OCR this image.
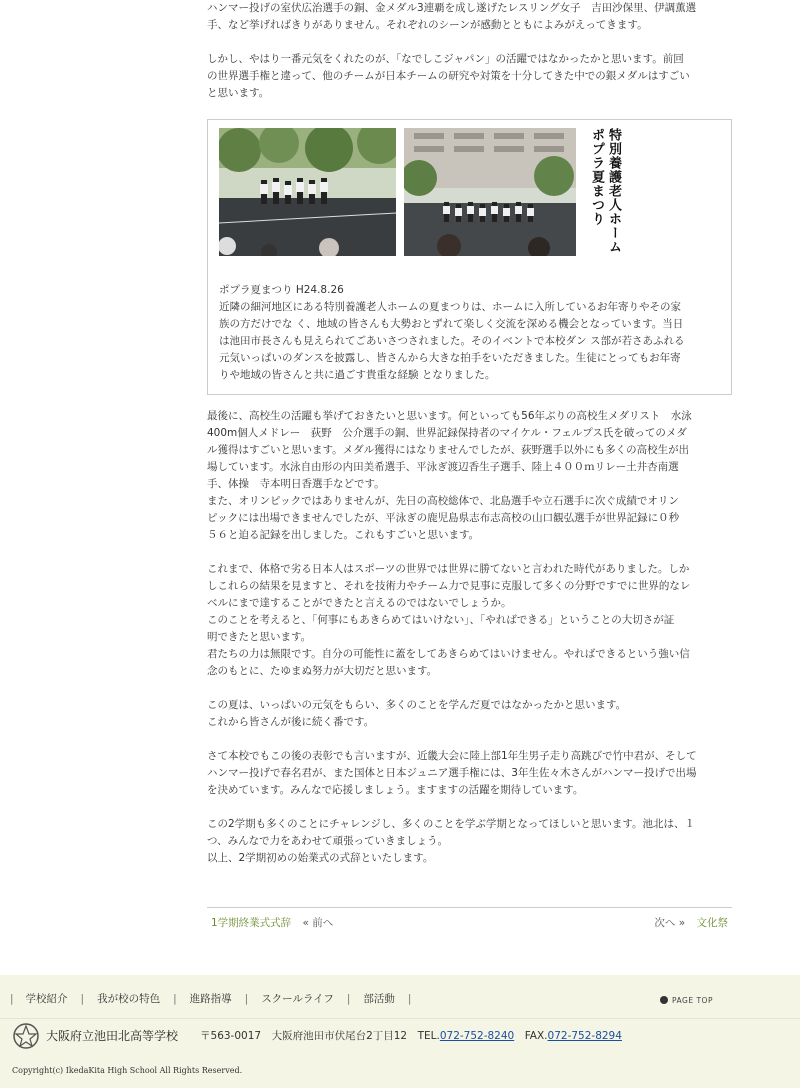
ハンマー投げの室伏広治選手の銅、金メダル3連覇を成し遂げたレスリング女子　吉田沙保里、伊調薫選
手、など挙げればきりがありません。それぞれのシーンが感動とともによみがえってきます。
しかし、やはり一番元気をくれたのが、「なでしこジャパン」の活躍ではなかったかと思います。前回
の世界選手権と違って、他のチームが日本チームの研究や対策を十分してきた中での銀メダルはすごい
と思います。
特別養護老人ホーム
ポプラ夏まつり
ポプラ夏まつり H24.8.26
近隣の細河地区にある特別養護老人ホームの夏まつりは、ホームに入所しているお年寄りやその家
族の方だけでな く、地域の皆さんも大勢おとずれて楽しく交流を深める機会となっています。当日
は池田市長さんも見えられてごあいさつされました。そのイベントで本校ダン ス部が若さあふれる
元気いっぱいのダンスを披露し、皆さんから大きな拍手をいただきました。生徒にとってもお年寄
りや地域の皆さんと共に過ごす貴重な経験 となりました。
最後に、高校生の活躍も挙げておきたいと思います。何といっても56年ぶりの高校生メダリスト　水泳
400m個人メドレー　荻野　公介選手の銅、世界記録保持者のマイケル・フェルプス氏を破ってのメダ
ル獲得はすごいと思います。メダル獲得にはなりませんでしたが、荻野選手以外にも多くの高校生が出
場しています。水泳自由形の内田美希選手、平泳ぎ渡辺香生子選手、陸上４００ｍリレー土井杏南選
手、体操　寺本明日香選手などです。
また、オリンピックではありませんが、先日の高校総体で、北島選手や立石選手に次ぐ成績でオリン
ピックには出場できませんでしたが、平泳ぎの鹿児島県志布志高校の山口観弘選手が世界記録に０秒
５６と迫る記録を出しました。これもすごいと思います。
これまで、体格で劣る日本人はスポーツの世界では世界に勝てないと言われた時代がありました。しか
しこれらの結果を見ますと、それを技術力やチーム力で見事に克服して多くの分野ですでに世界的なレ
ベルにまで達することができたと言えるのではないでしょうか。
このことを考えると、「何事にもあきらめてはいけない」、「やればできる」ということの大切さが証
明できたと思います。
君たちの力は無限です。自分の可能性に蓋をしてあきらめてはいけません。やればできるという強い信
念のもとに、たゆまぬ努力が大切だと思います。
この夏は、いっぱいの元気をもらい、多くのことを学んだ夏ではなかったかと思います。
これから皆さんが後に続く番です。
さて本校でもこの後の表彰でも言いますが、近畿大会に陸上部1年生男子走り高跳びで竹中君が、そして
ハンマー投げで春名君が、また国体と日本ジュニア選手権には、3年生佐々木さんがハンマー投げで出場
を決めています。みんなで応援しましょう。ますますの活躍を期待しています。
この2学期も多くのことにチャレンジし、多くのことを学ぶ学期となってほしいと思います。池北は、１
つ、みんなで力をあわせて頑張っていきましょう。
以上、2学期初めの始業式の式辞といたします。
1学期終業式式辞 « 前へ	次へ » 文化祭
| 学校紹介 | 我が校の特色 | 進路指導 | スクールライフ | 部活動 |	PAGE TOP
大阪府立池田北高等学校 〒563-0017　大阪府池田市伏尾台2丁目12　TEL.072-752-8240　FAX.072-752-8294
Copyright(c) IkedaKita High School All Rights Reserved.
